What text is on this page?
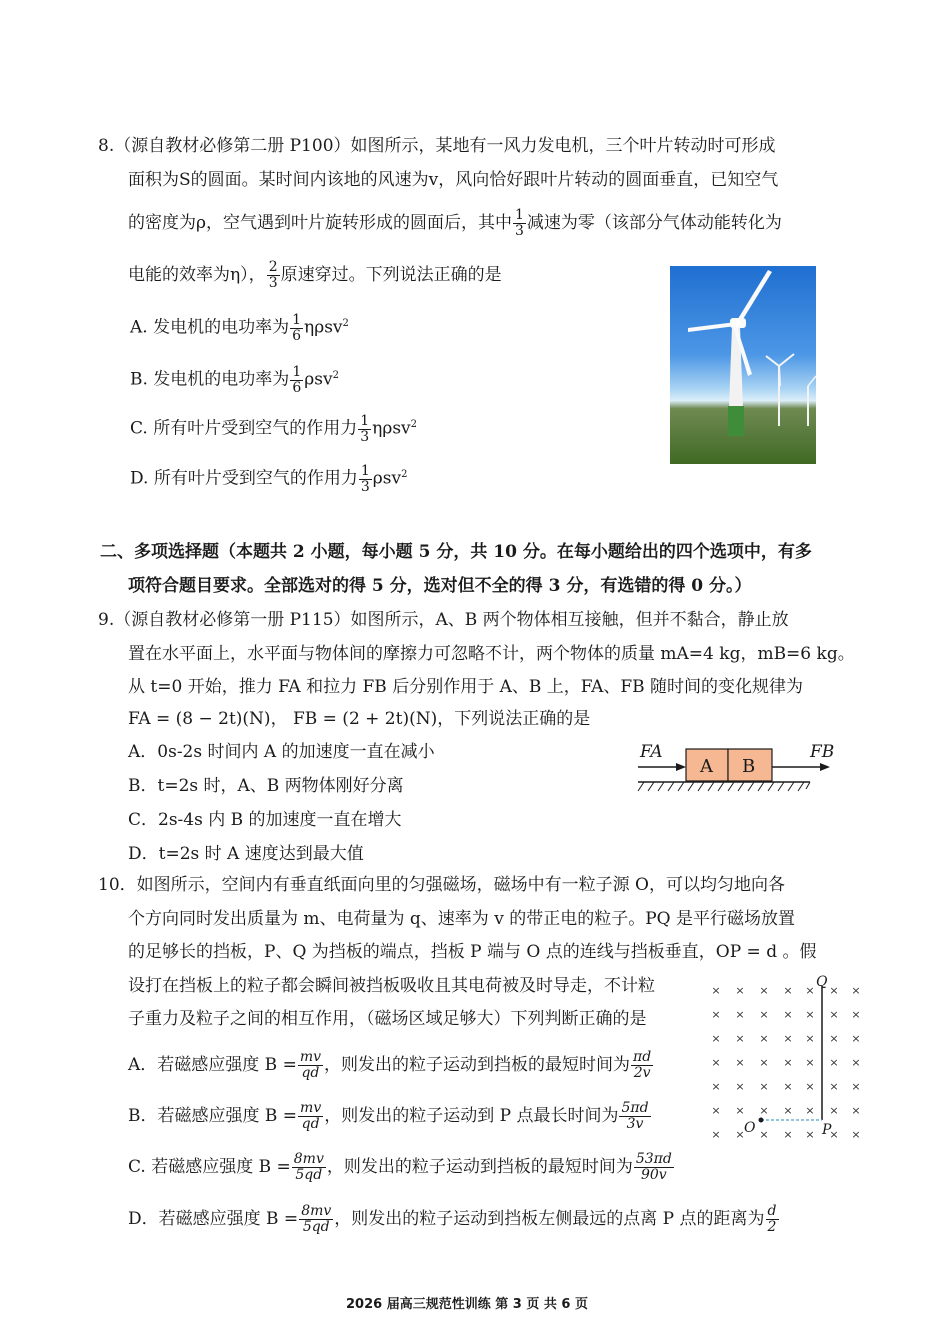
8.（源自教材必修第二册 P100）如图所示，某地有一风力发电机，三个叶片转动时可形成
面积为S的圆面。某时间内该地的风速为v，风向恰好跟叶片转动的圆面垂直，已知空气
的密度为ρ，空气遇到叶片旋转形成的圆面后，其中 $\frac{1}{3}$ 减速为零（该部分气体动能转化为
电能的效率为η）， $\frac{2}{3}$ 原速穿过。下列说法正确的是
A. 发电机的电功率为 $\frac{1}{6} \eta\rho sv^2$
B. 发电机的电功率为 $\frac{1}{6} \rho sv^2$
C. 所有叶片受到空气的作用力 $\frac{1}{3} \eta\rho sv^2$
D. 所有叶片受到空气的作用力 $\frac{1}{3} \rho sv^2$
二、多项选择题（本题共 2 小题，每小题 5 分，共 10 分。在每小题给出的四个选项中，有多
项符合题目要求。全部选对的得 5 分，选对但不全的得 3 分，有选错的得 0 分。）
9.（源自教材必修第一册 P115）如图所示，A、B 两个物体相互接触，但并不黏合，静止放
置在水平面上，水平面与物体间的摩擦力可忽略不计，两个物体的质量 mA=4 kg，mB=6 kg。
从 t=0 开始，推力 FA 和拉力 FB 后分别作用于 A、B 上，FA、FB 随时间的变化规律为
FA = (8 − 2t)(N)， FB = (2 + 2t)(N)，下列说法正确的是
A．0s-2s 时间内 A 的加速度一直在减小
B．t=2s 时，A、B 两物体刚好分离
C．2s-4s 内 B 的加速度一直在增大
D．t=2s 时 A 速度达到最大值
FA
A B
FB
10．如图所示，空间内有垂直纸面向里的匀强磁场，磁场中有一粒子源 O，可以均匀地向各
个方向同时发出质量为 m、电荷量为 q、速率为 v 的带正电的粒子。PQ 是平行磁场放置
的足够长的挡板，P、Q 为挡板的端点，挡板 P 端与 O 点的连线与挡板垂直，OP = d 。假
设打在挡板上的粒子都会瞬间被挡板吸收且其电荷被及时导走，不计粒
子重力及粒子之间的相互作用，（磁场区域足够大）下列判断正确的是
A．若磁感应强度 $B = \frac{mv}{qd}$ ，则发出的粒子运动到挡板的最短时间为 $\frac{\pi d}{2v}$
B．若磁感应强度 $B = \frac{mv}{qd}$ ，则发出的粒子运动到 P 点最长时间为 $\frac{5\pi d}{3v}$
C. 若磁感应强度 $B = \frac{8mv}{5qd}$ ，则发出的粒子运动到挡板的最短时间为 $\frac{53\pi d}{90v}$
D．若磁感应强度 $B = \frac{8mv}{5qd}$ ，则发出的粒子运动到挡板左侧最远的点离 P 点的距离为 $\frac{d}{2}$
× × × × × × ×
× × × × × × ×
× × × × × × ×
× × × × × × ×
× × × × × × ×
× × × × × × ×
× × × × × × ×
O	P
Q
2026 届高三规范性训练 第 3 页 共 6 页
